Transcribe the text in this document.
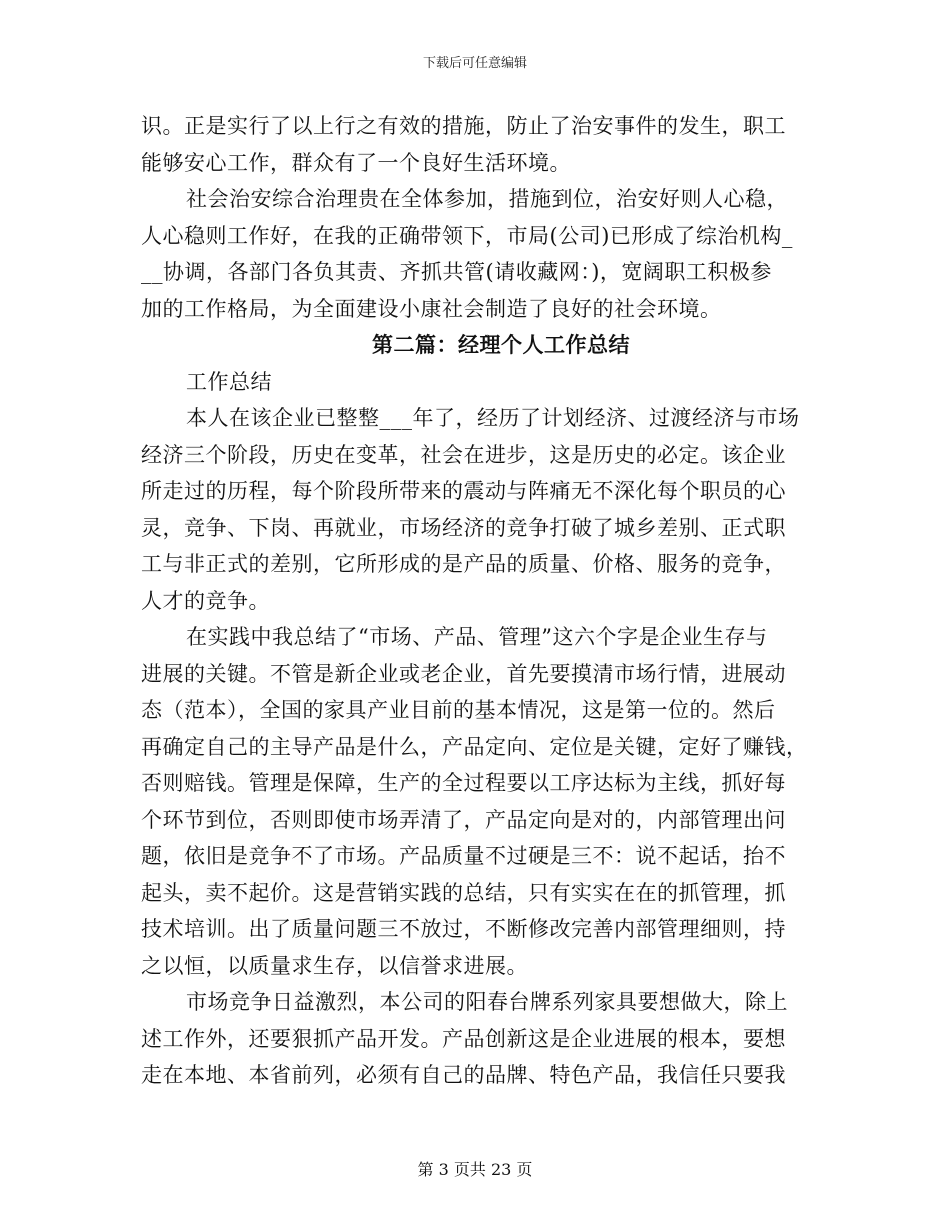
下载后可任意编辑
识。正是实行了以上行之有效的措施，防止了治安事件的发生，职工
能够安心工作，群众有了一个良好生活环境。
社会治安综合治理贵在全体参加，措施到位，治安好则人心稳，
人心稳则工作好，在我的正确带领下，市局(公司)已形成了综治机构_
__协调，各部门各负其责、齐抓共管(请收藏网：)，宽阔职工积极参
加的工作格局，为全面建设小康社会制造了良好的社会环境。
第二篇：经理个人工作总结
工作总结
本人在该企业已整整___年了，经历了计划经济、过渡经济与市场
经济三个阶段，历史在变革，社会在进步，这是历史的必定。该企业
所走过的历程，每个阶段所带来的震动与阵痛无不深化每个职员的心
灵，竞争、下岗、再就业，市场经济的竞争打破了城乡差别、正式职
工与非正式的差别，它所形成的是产品的质量、价格、服务的竞争，
人才的竞争。
在实践中我总结了“市场、产品、管理”这六个字是企业生存与
进展的关键。不管是新企业或老企业，首先要摸清市场行情，进展动
态（范本），全国的家具产业目前的基本情况，这是第一位的。然后
再确定自己的主导产品是什么，产品定向、定位是关键，定好了赚钱，
否则赔钱。管理是保障，生产的全过程要以工序达标为主线，抓好每
个环节到位，否则即使市场弄清了，产品定向是对的，内部管理出问
题，依旧是竞争不了市场。产品质量不过硬是三不：说不起话，抬不
起头，卖不起价。这是营销实践的总结，只有实实在在的抓管理，抓
技术培训。出了质量问题三不放过，不断修改完善内部管理细则，持
之以恒，以质量求生存，以信誉求进展。
市场竞争日益激烈，本公司的阳春台牌系列家具要想做大，除上
述工作外，还要狠抓产品开发。产品创新这是企业进展的根本，要想
走在本地、本省前列，必须有自己的品牌、特色产品，我信任只要我
第 3 页共 23 页
